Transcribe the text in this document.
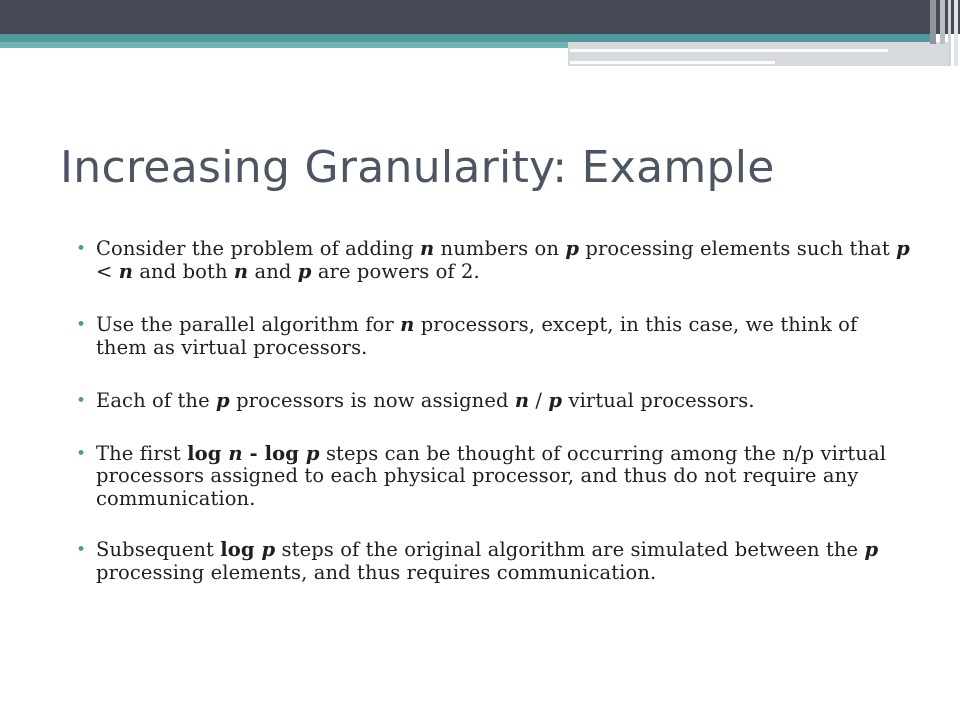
Increasing Granularity: Example
• Consider the problem of adding n numbers on p processing elements such that p < n and both n and p are powers of 2.
• Use the parallel algorithm for n processors, except, in this case, we think of them as virtual processors.
• Each of the p processors is now assigned n / p virtual processors.
• The first log n - log p steps can be thought of occurring among the n/p virtual processors assigned to each physical processor, and thus do not require any communication.
• Subsequent log p steps of the original algorithm are simulated between the p processing elements, and thus requires communication.
